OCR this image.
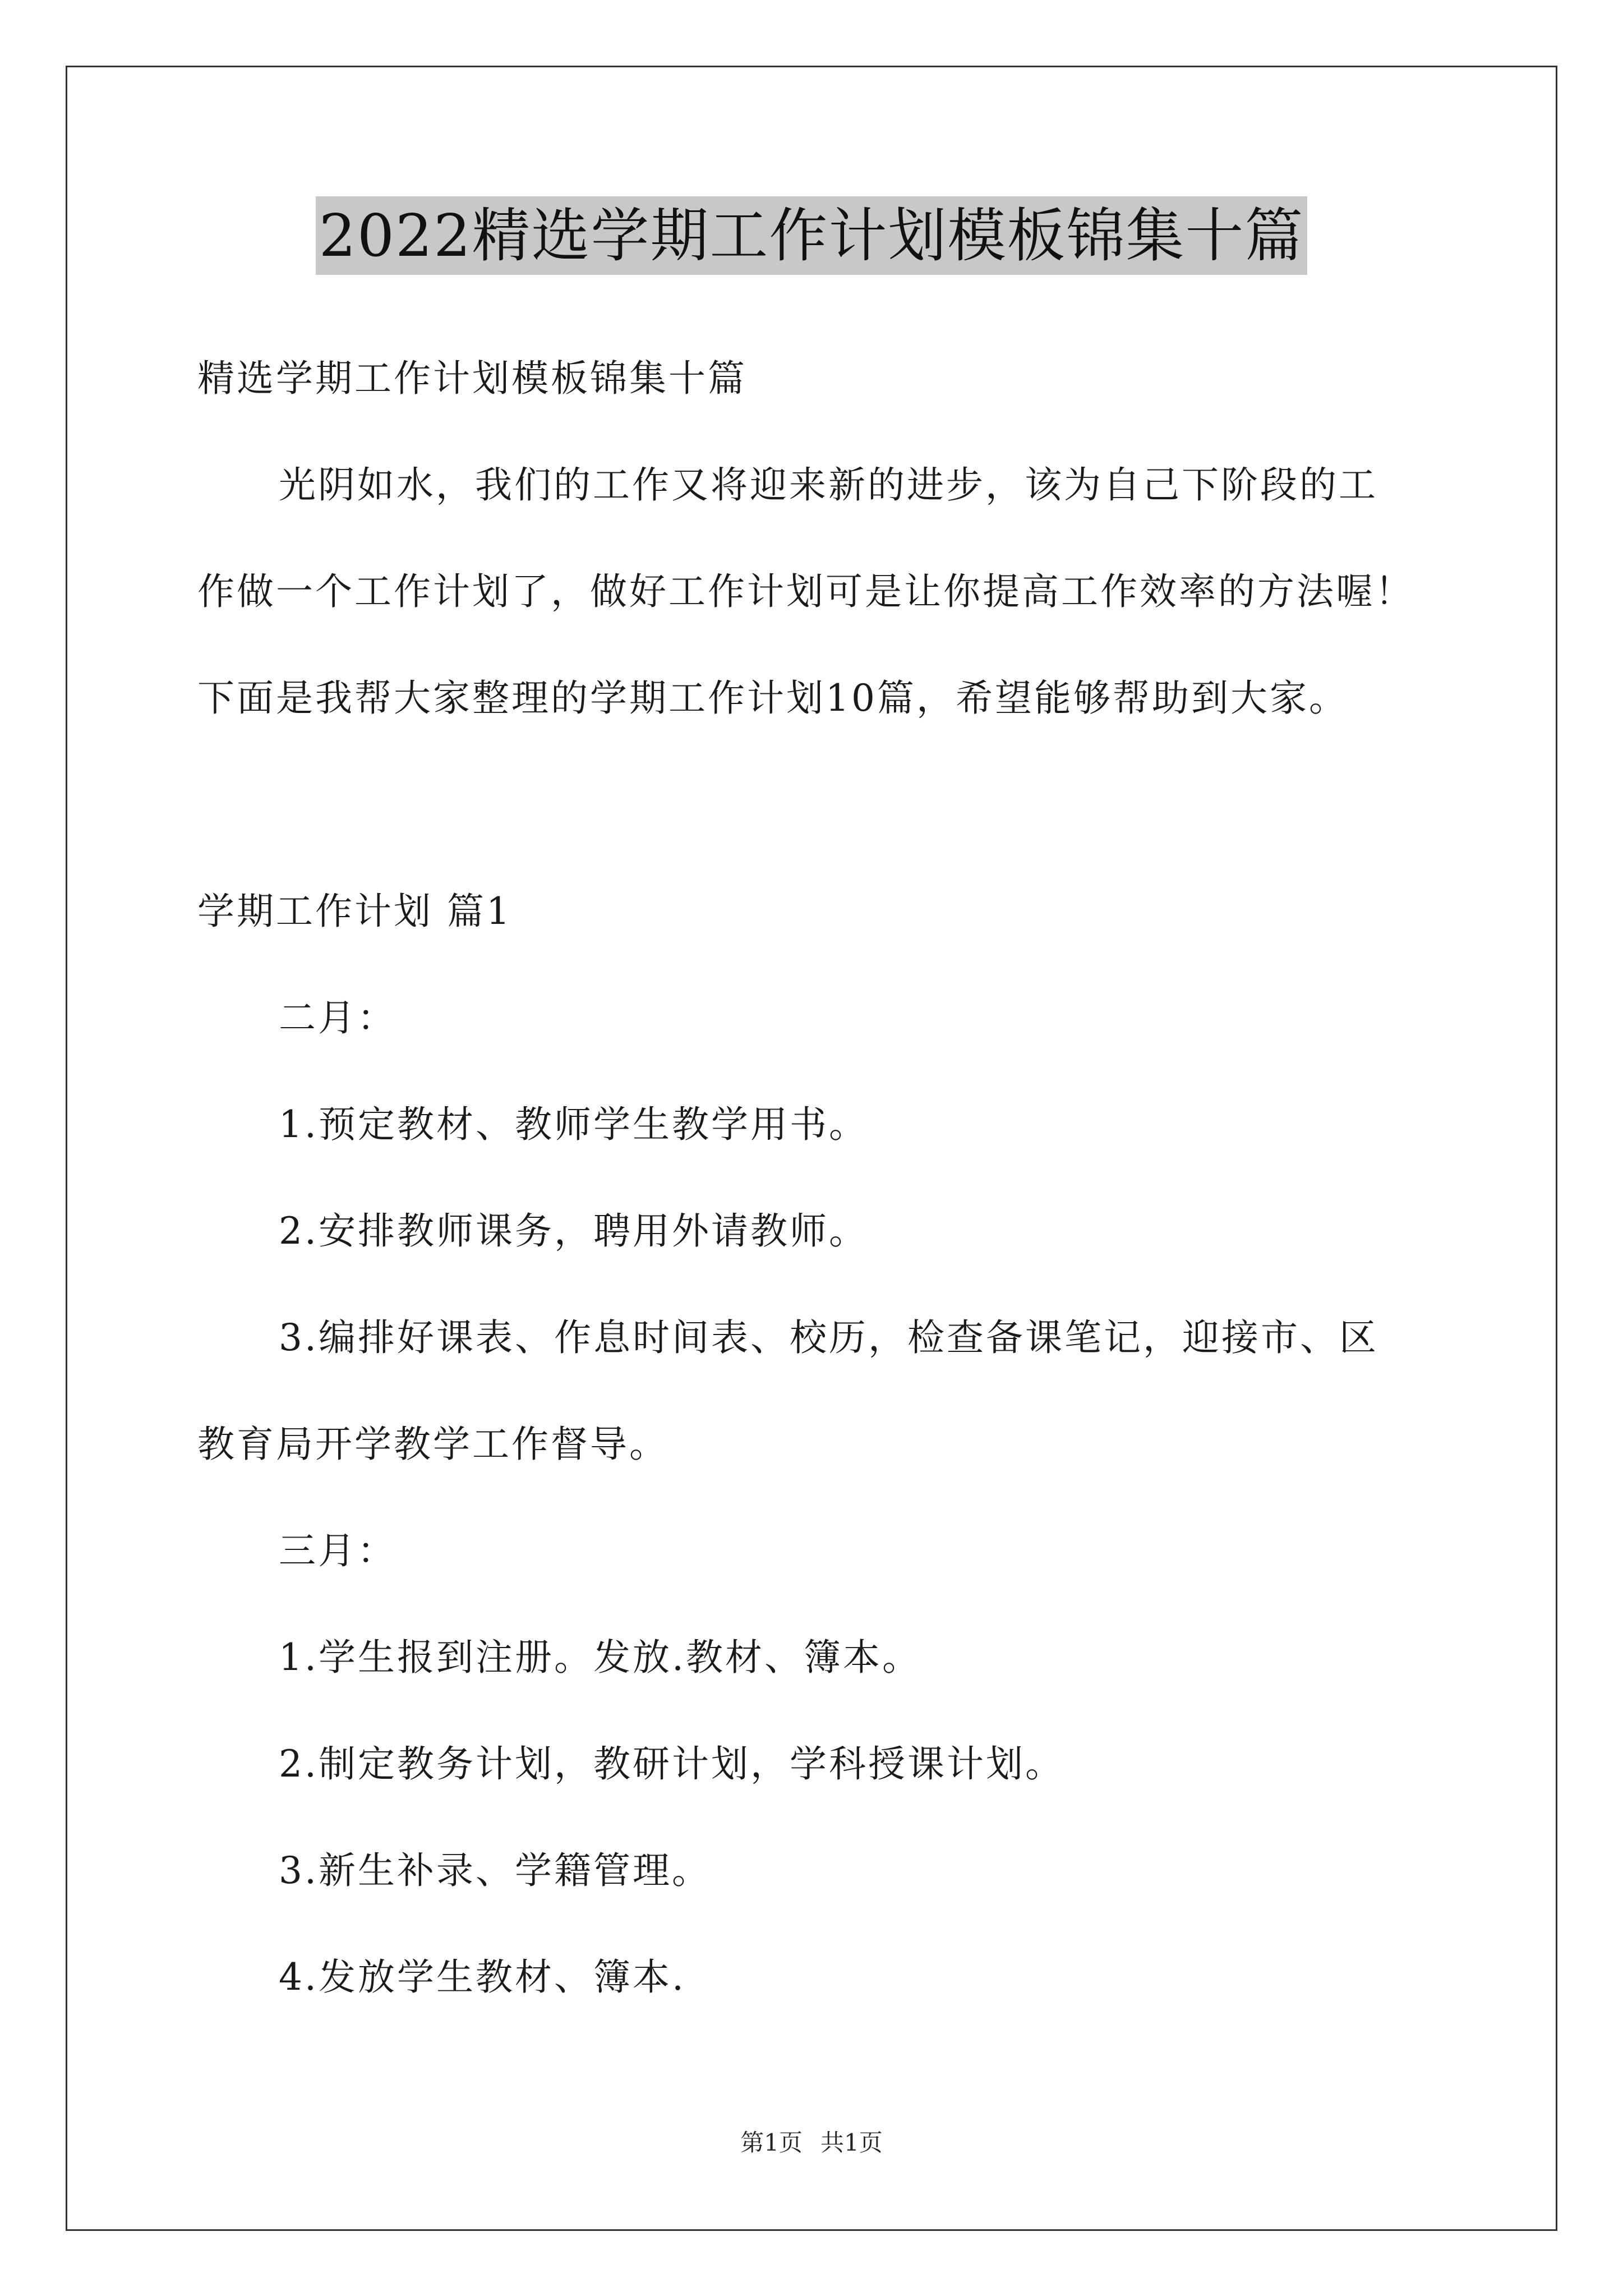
2022精选学期工作计划模板锦集十篇
精选学期工作计划模板锦集十篇
光阴如水，我们的工作又将迎来新的进步，该为自己下阶段的工
作做一个工作计划了，做好工作计划可是让你提高工作效率的方法喔！
下面是我帮大家整理的学期工作计划10篇，希望能够帮助到大家。
学期工作计划 篇1
二月：
1.预定教材、教师学生教学用书。
2.安排教师课务，聘用外请教师。
3.编排好课表、作息时间表、校历，检查备课笔记，迎接市、区
教育局开学教学工作督导。
三月：
1.学生报到注册。发放.教材、簿本。
2.制定教务计划，教研计划，学科授课计划。
3.新生补录、学籍管理。
4.发放学生教材、簿本.
第1页 共1页
